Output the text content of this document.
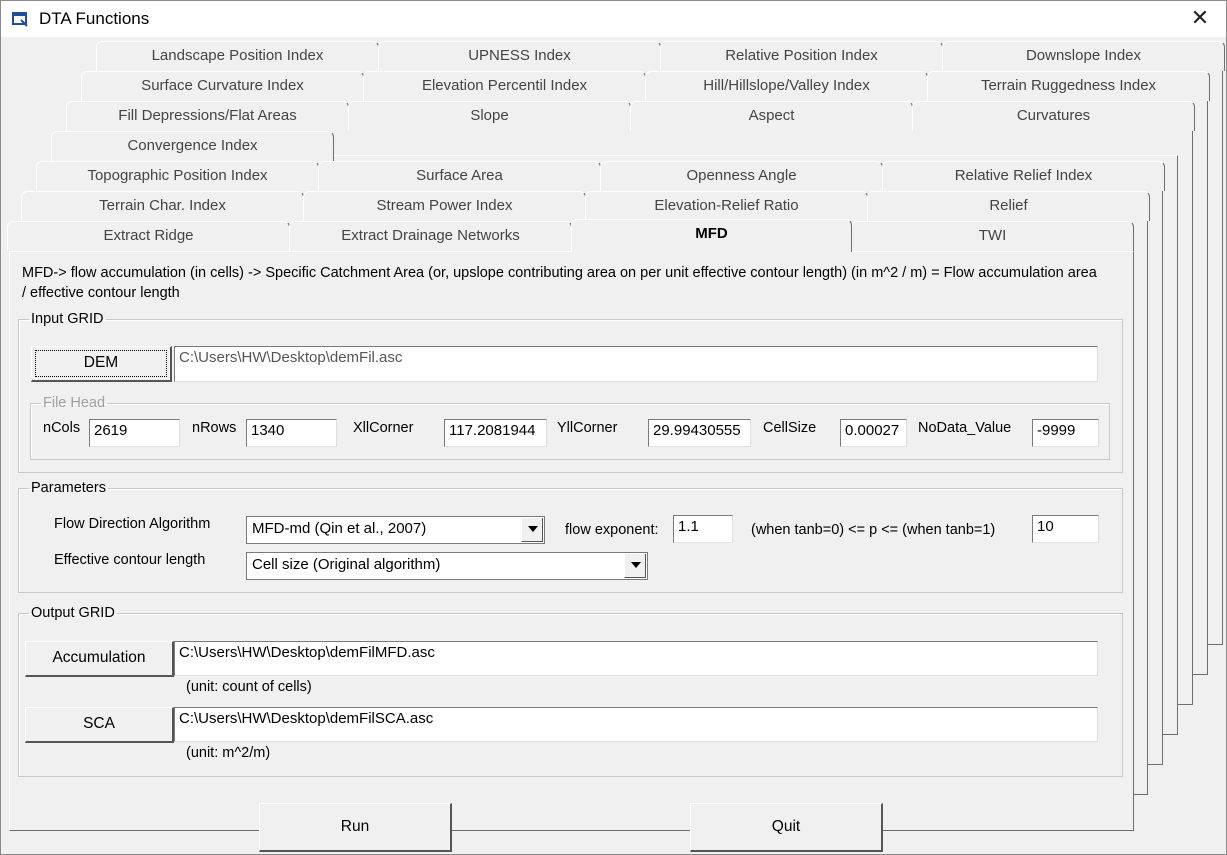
DTA Functions	✕
Landscape Position Index	UPNESS Index	Relative Position Index	Downslope Index
Surface Curvature Index	Elevation Percentil Index	Hill/Hillslope/Valley Index	Terrain Ruggedness Index
Fill Depressions/Flat Areas	Slope	Aspect	Curvatures
Convergence Index
Topographic Position Index	Surface Area	Openness Angle	Relative Relief Index
Terrain Char. Index	Stream Power Index	Elevation-Relief Ratio	Relief
Extract Ridge	Extract Drainage Networks	MFD	TWI
MFD-> flow accumulation (in cells) -> Specific Catchment Area (or, upslope contributing area on per unit effective contour length) (in m^2 / m) = Flow accumulation area / effective contour length
Input GRID
DEM	C:\Users\HW\Desktop\demFil.asc
File Head
nCols 2619	nRows 1340	XllCorner	117.2081944	YllCorner	29.99430555	CellSize	0.00027	NoData_Value	-9999
Parameters
Flow Direction Algorithm	MFD-md (Qin et al., 2007)	flow exponent:	1.1	(when tanb=0) <= p <= (when tanb=1)	10
Effective contour length	Cell size (Original algorithm)
Output GRID
Accumulation	C:\Users\HW\Desktop\demFilMFD.asc
(unit: count of cells)
SCA	C:\Users\HW\Desktop\demFilSCA.asc
(unit: m^2/m)
Run	Quit
